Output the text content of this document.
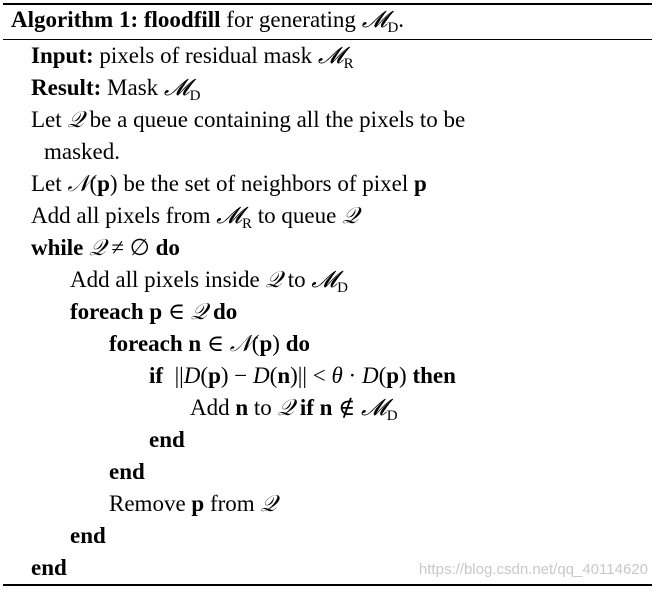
Algorithm 1: floodfill for generating 𝓜$_D$.
Input: pixels of residual mask 𝓜$_R$
Result: Mask 𝓜$_D$
Let 𝒬 be a queue containing all the pixels to be
masked.
Let 𝒩(p) be the set of neighbors of pixel p
Add all pixels from 𝓜$_R$ to queue 𝒬
while 𝒬 ≠ ∅ do
Add all pixels inside 𝒬 to 𝓜$_D$
foreach p ∈ 𝒬 do
foreach n ∈ 𝒩(p) do
if ||D(p) − D(n)|| < θ · D(p) then
Add n to 𝒬 if n ∉ 𝓜$_D$
end
end
Remove p from 𝒬
end
end	https://blog.csdn.net/qq_40114620
